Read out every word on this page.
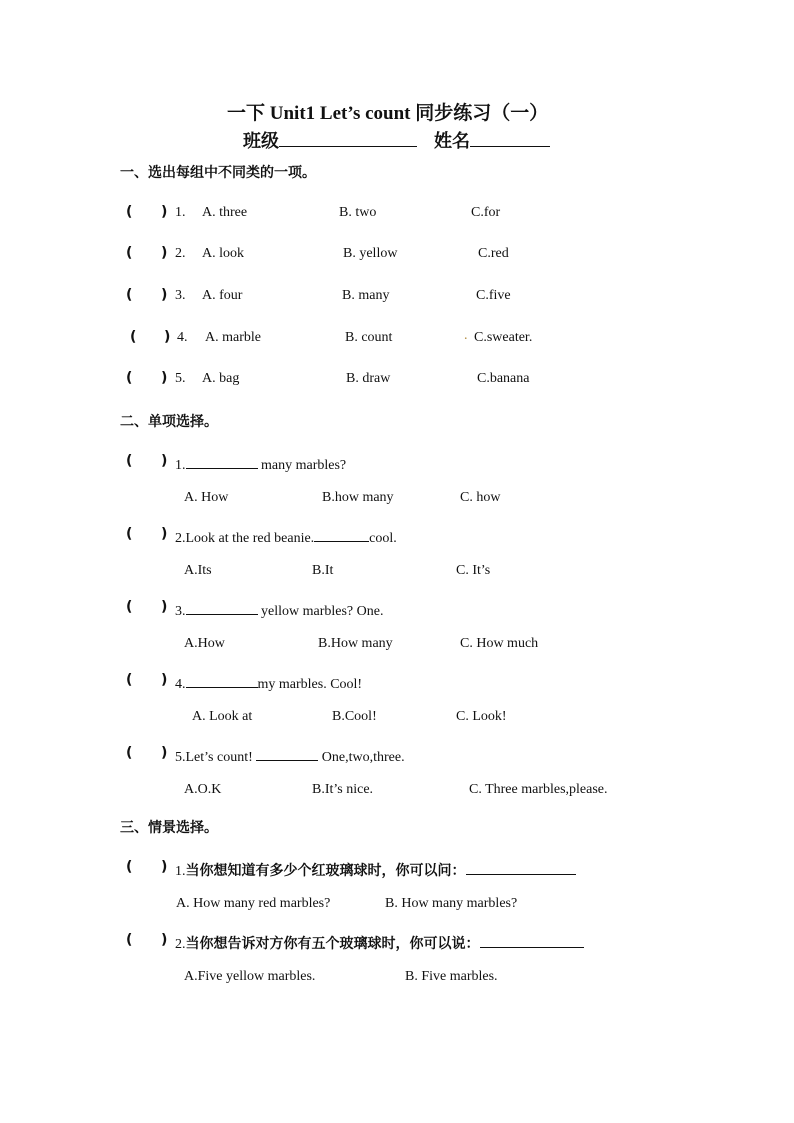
一下 Unit1 Let’s count 同步练习（一）
班级	姓名
一、选出每组中不同类的一项。
( ) 1. A. three	B. two	C.for
( ) 2. A. look	B. yellow	C.red
( ) 3. A. four	B. many	C.five
( ) 4. A. marble	B. count	. C.sweater.
( ) 5. A. bag	B. draw	C.banana
二、单项选择。
( ) 1.	many marbles?
A. How	B.how many	C. how
( ) 2.Look at the red beanie.	cool.
A.Its	B.It	C. It’s
( ) 3.	yellow marbles? One.
A.How	B.How many	C. How much
( ) 4.	my marbles. Cool!
A. Look at	B.Cool!	C. Look!
( ) 5.Let’s count!	One,two,three.
A.O.K	B.It’s nice.	C. Three marbles,please.
三、情景选择。
( ) 1.当你想知道有多少个红玻璃球时，你可以问：
A. How many red marbles?	B. How many marbles?
( ) 2.当你想告诉对方你有五个玻璃球时，你可以说：
A.Five yellow marbles.	B. Five marbles.
